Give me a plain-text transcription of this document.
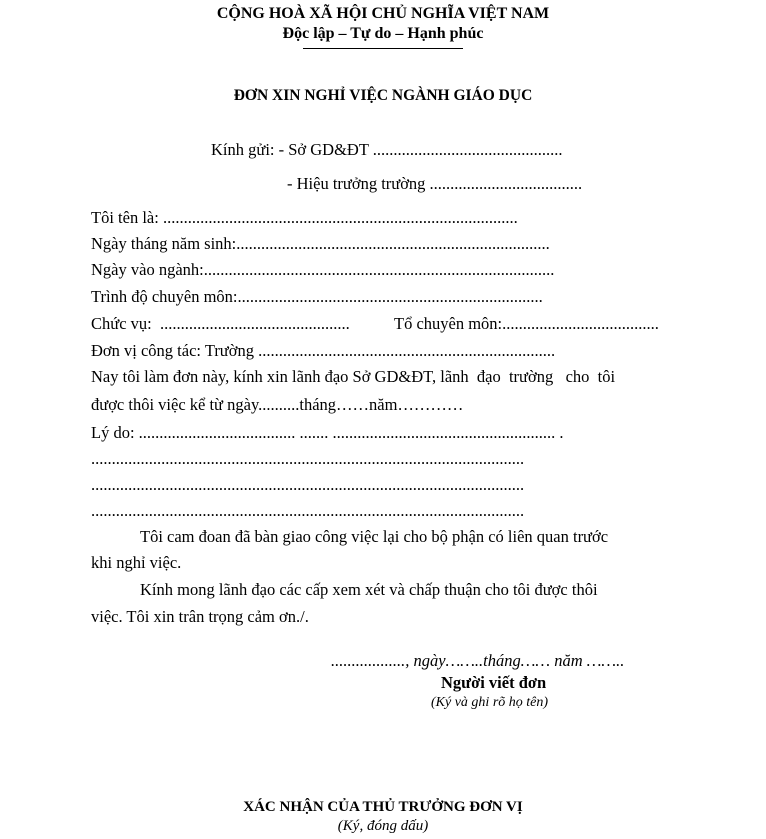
CỘNG HOÀ XÃ HỘI CHỦ NGHĨA VIỆT NAM
Độc lập – Tự do – Hạnh phúc
ĐƠN XIN NGHỈ VIỆC NGÀNH GIÁO DỤC
Kính gửi: - Sở GD&ĐT ..............................................
- Hiệu trưởng trường .....................................
Tôi tên là: ......................................................................................
Ngày tháng năm sinh:............................................................................
Ngày vào ngành:.....................................................................................
Trình độ chuyên môn:..........................................................................
Chức vụ:  ..............................................	Tổ chuyên môn:......................................
Đơn vị công tác: Trường ........................................................................
Nay tôi làm đơn này, kính xin lãnh đạo Sở GD&ĐT, lãnh  đạo  trường   cho  tôi
được thôi việc kể từ ngày..........tháng……năm…………
Lý do: ...................................... ....... ...................................................... .
.........................................................................................................
.........................................................................................................
.........................................................................................................
Tôi cam đoan đã bàn giao công việc lại cho bộ phận có liên quan trước
khi nghỉ việc.
Kính mong lãnh đạo các cấp xem xét và chấp thuận cho tôi được thôi
việc. Tôi xin trân trọng cảm ơn./.
.................., ngày……..tháng…… năm ……..
Người viết đơn
(Ký và ghi rõ họ tên)
XÁC NHẬN CỦA THỦ TRƯỞNG ĐƠN VỊ
(Ký, đóng dấu)
